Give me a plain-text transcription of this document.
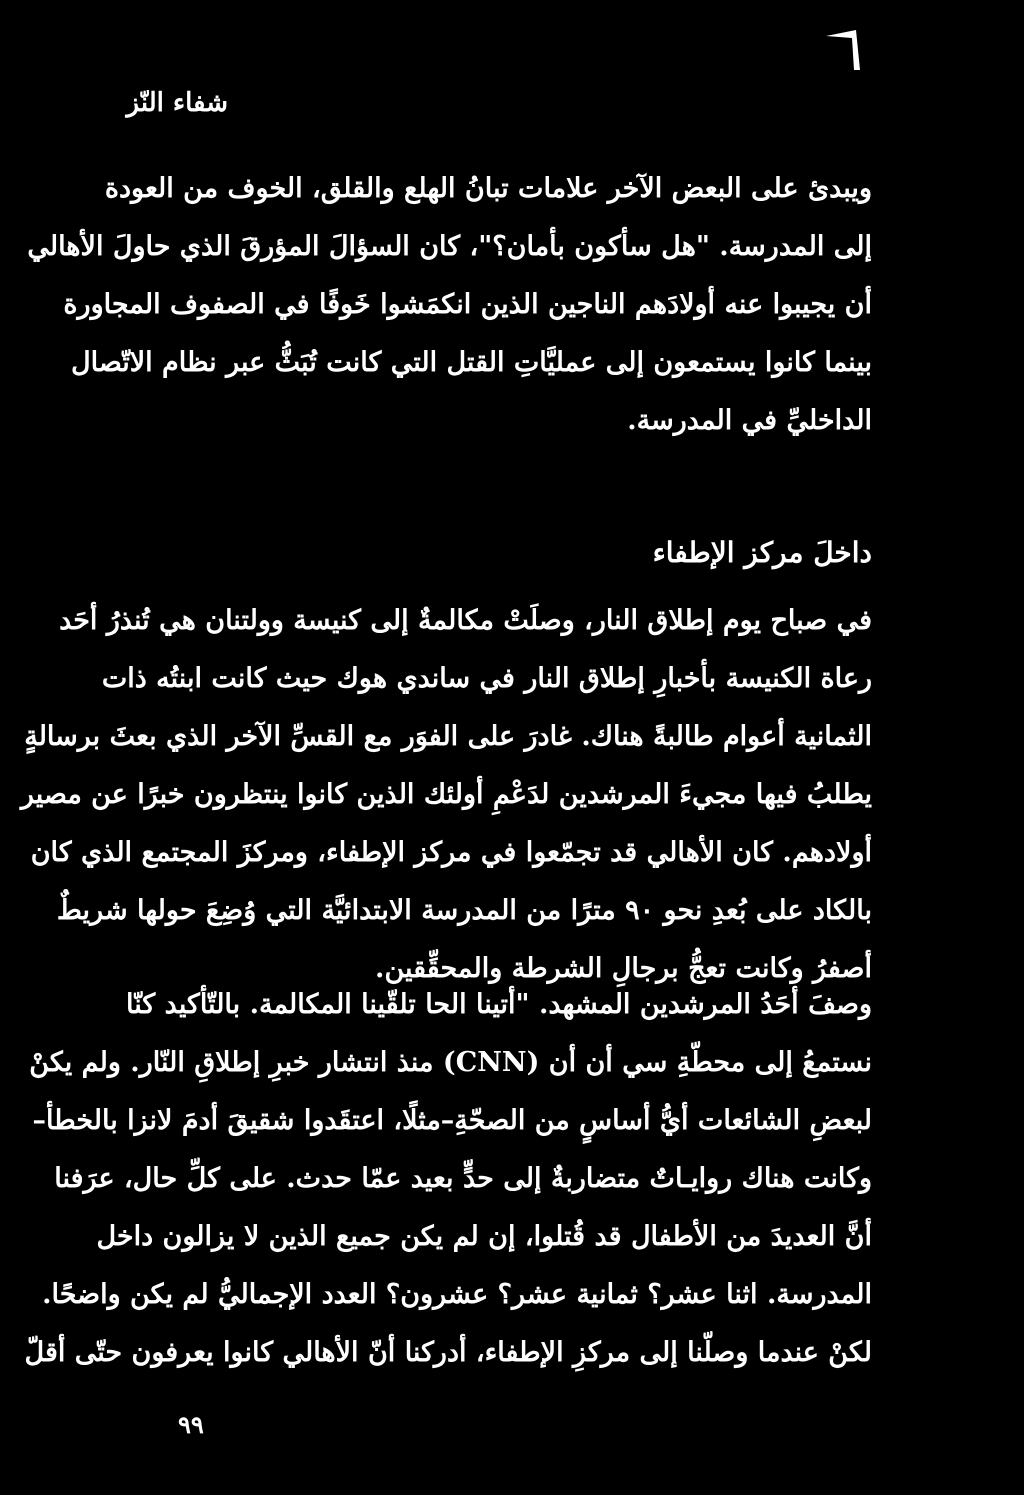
شفاء النّز
ويبدئ على البعض الآخر علامات تبانُ الهلع والقلق، الخوف من العودة
إلى المدرسة. "هل سأكون بأمان؟"، كان السؤالَ المؤرقَ الذي حاولَ الأهالي
أن يجيبوا عنه أولادَهم الناجين الذين انكمَشوا خَوفًا في الصفوف المجاورة
بينما كانوا يستمعون إلى عمليَّاتِ القتل التي كانت تُبَثُّ عبر نظام الاتّصال
الداخليِّ في المدرسة.
داخلَ مركز الإطفاء
في صباح يوم إطلاق النار، وصلَتْ مكالمةٌ إلى كنيسة وولتنان هي تُنذرُ أحَد
رعاة الكنيسة بأخبارِ إطلاق النار في ساندي هوك حيث كانت ابنتُه ذات
الثمانية أعوام طالبةً هناك. غادرَ على الفوَر مع القسِّ الآخر الذي بعثَ برسالةٍ
يطلبُ فيها مجيءَ المرشدين لدَعْمِ أولئك الذين كانوا ينتظرون خبرًا عن مصير
أولادهم. كان الأهالي قد تجمّعوا في مركز الإطفاء، ومركزَ المجتمع الذي كان
بالكاد على بُعدِ نحو ٩٠ مترًا من المدرسة الابتدائيَّة التي وُضِعَ حولها شريطٌ
أصفرُ وكانت تعجُّ برجالِ الشرطة والمحقِّقين.
وصفَ أحَدُ المرشدين المشهد. "أتينا الحا تلقّينا المكالمة. بالتّأكيد كنّا
نستمعُ إلى محطّةِ سي أن أن (CNN) منذ انتشار خبرِ إطلاقِ النّار. ولم يكنْ
لبعضِ الشائعات أيُّ أساسٍ من الصحّةِ–مثلًا، اعتقَدوا شقيقَ أدمَ لانزا بالخطأ–
وكانت هناك روايـاتٌ متضاربةٌ إلى حدٍّ بعيد عمّا حدث. على كلِّ حال، عرَفنا
أنَّ العديدَ من الأطفال قد قُتلوا، إن لم يكن جميع الذين لا يزالون داخل
المدرسة. اثنا عشر؟ ثمانية عشر؟ عشرون؟ العدد الإجماليُّ لم يكن واضحًا.
لكنْ عندما وصلّنا إلى مركزِ الإطفاء، أدركنا أنّ الأهالي كانوا يعرفون حتّى أقلّ
٩٩
